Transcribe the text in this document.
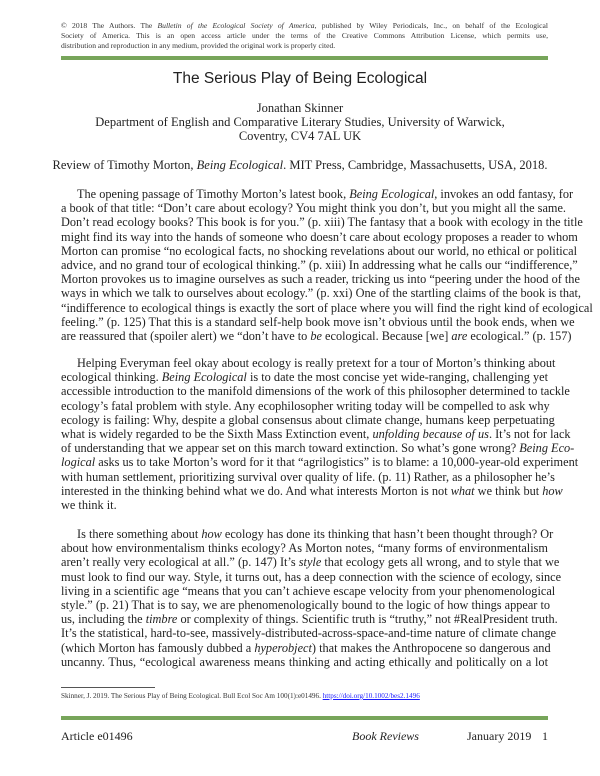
© 2018 The Authors. The Bulletin of the Ecological Society of America, published by Wiley Periodicals, Inc., on behalf of the Ecological
Society of America. This is an open access article under the terms of the Creative Commons Attribution License, which permits use,
distribution and reproduction in any medium, provided the original work is properly cited.
The Serious Play of Being Ecological
Jonathan Skinner
Department of English and Comparative Literary Studies, University of Warwick,
Coventry, CV4 7AL UK
Review of Timothy Morton, Being Ecological. MIT Press, Cambridge, Massachusetts, USA, 2018.
The opening passage of Timothy Morton’s latest book, Being Ecological, invokes an odd fantasy, for
a book of that title: “Don’t care about ecology? You might think you don’t, but you might all the same.
Don’t read ecology books? This book is for you.” (p. xiii) The fantasy that a book with ecology in the title
might find its way into the hands of someone who doesn’t care about ecology proposes a reader to whom
Morton can promise “no ecological facts, no shocking revelations about our world, no ethical or political
advice, and no grand tour of ecological thinking.” (p. xiii) In addressing what he calls our “indifference,”
Morton provokes us to imagine ourselves as such a reader, tricking us into “peering under the hood of the
ways in which we talk to ourselves about ecology.” (p. xxi) One of the startling claims of the book is that,
“indifference to ecological things is exactly the sort of place where you will find the right kind of ecological
feeling.” (p. 125) That this is a standard self-help book move isn’t obvious until the book ends, when we
are reassured that (spoiler alert) we “don’t have to be ecological. Because [we] are ecological.” (p. 157)
Helping Everyman feel okay about ecology is really pretext for a tour of Morton’s thinking about
ecological thinking. Being Ecological is to date the most concise yet wide-ranging, challenging yet
accessible introduction to the manifold dimensions of the work of this philosopher determined to tackle
ecology’s fatal problem with style. Any ecophilosopher writing today will be compelled to ask why
ecology is failing: Why, despite a global consensus about climate change, humans keep perpetuating
what is widely regarded to be the Sixth Mass Extinction event, unfolding because of us. It’s not for lack
of understanding that we appear set on this march toward extinction. So what’s gone wrong? Being Eco-
logical asks us to take Morton’s word for it that “agrilogistics” is to blame: a 10,000-year-old experiment
with human settlement, prioritizing survival over quality of life. (p. 11) Rather, as a philosopher he’s
interested in the thinking behind what we do. And what interests Morton is not what we think but how
we think it.
Is there something about how ecology has done its thinking that hasn’t been thought through? Or
about how environmentalism thinks ecology? As Morton notes, “many forms of environmentalism
aren’t really very ecological at all.” (p. 147) It’s style that ecology gets all wrong, and to style that we
must look to find our way. Style, it turns out, has a deep connection with the science of ecology, since
living in a scientific age “means that you can’t achieve escape velocity from your phenomenological
style.” (p. 21) That is to say, we are phenomenologically bound to the logic of how things appear to
us, including the timbre or complexity of things. Scientific truth is “truthy,” not #RealPresident truth.
It’s the statistical, hard-to-see, massively-distributed-across-space-and-time nature of climate change
(which Morton has famously dubbed a hyperobject) that makes the Anthropocene so dangerous and
uncanny. Thus, “ecological awareness means thinking and acting ethically and politically on a lot
Skinner, J. 2019. The Serious Play of Being Ecological. Bull Ecol Soc Am 100(1):e01496. https://doi.org/10.1002/bes2.1496
Article e01496	Book Reviews	January 2019 1
